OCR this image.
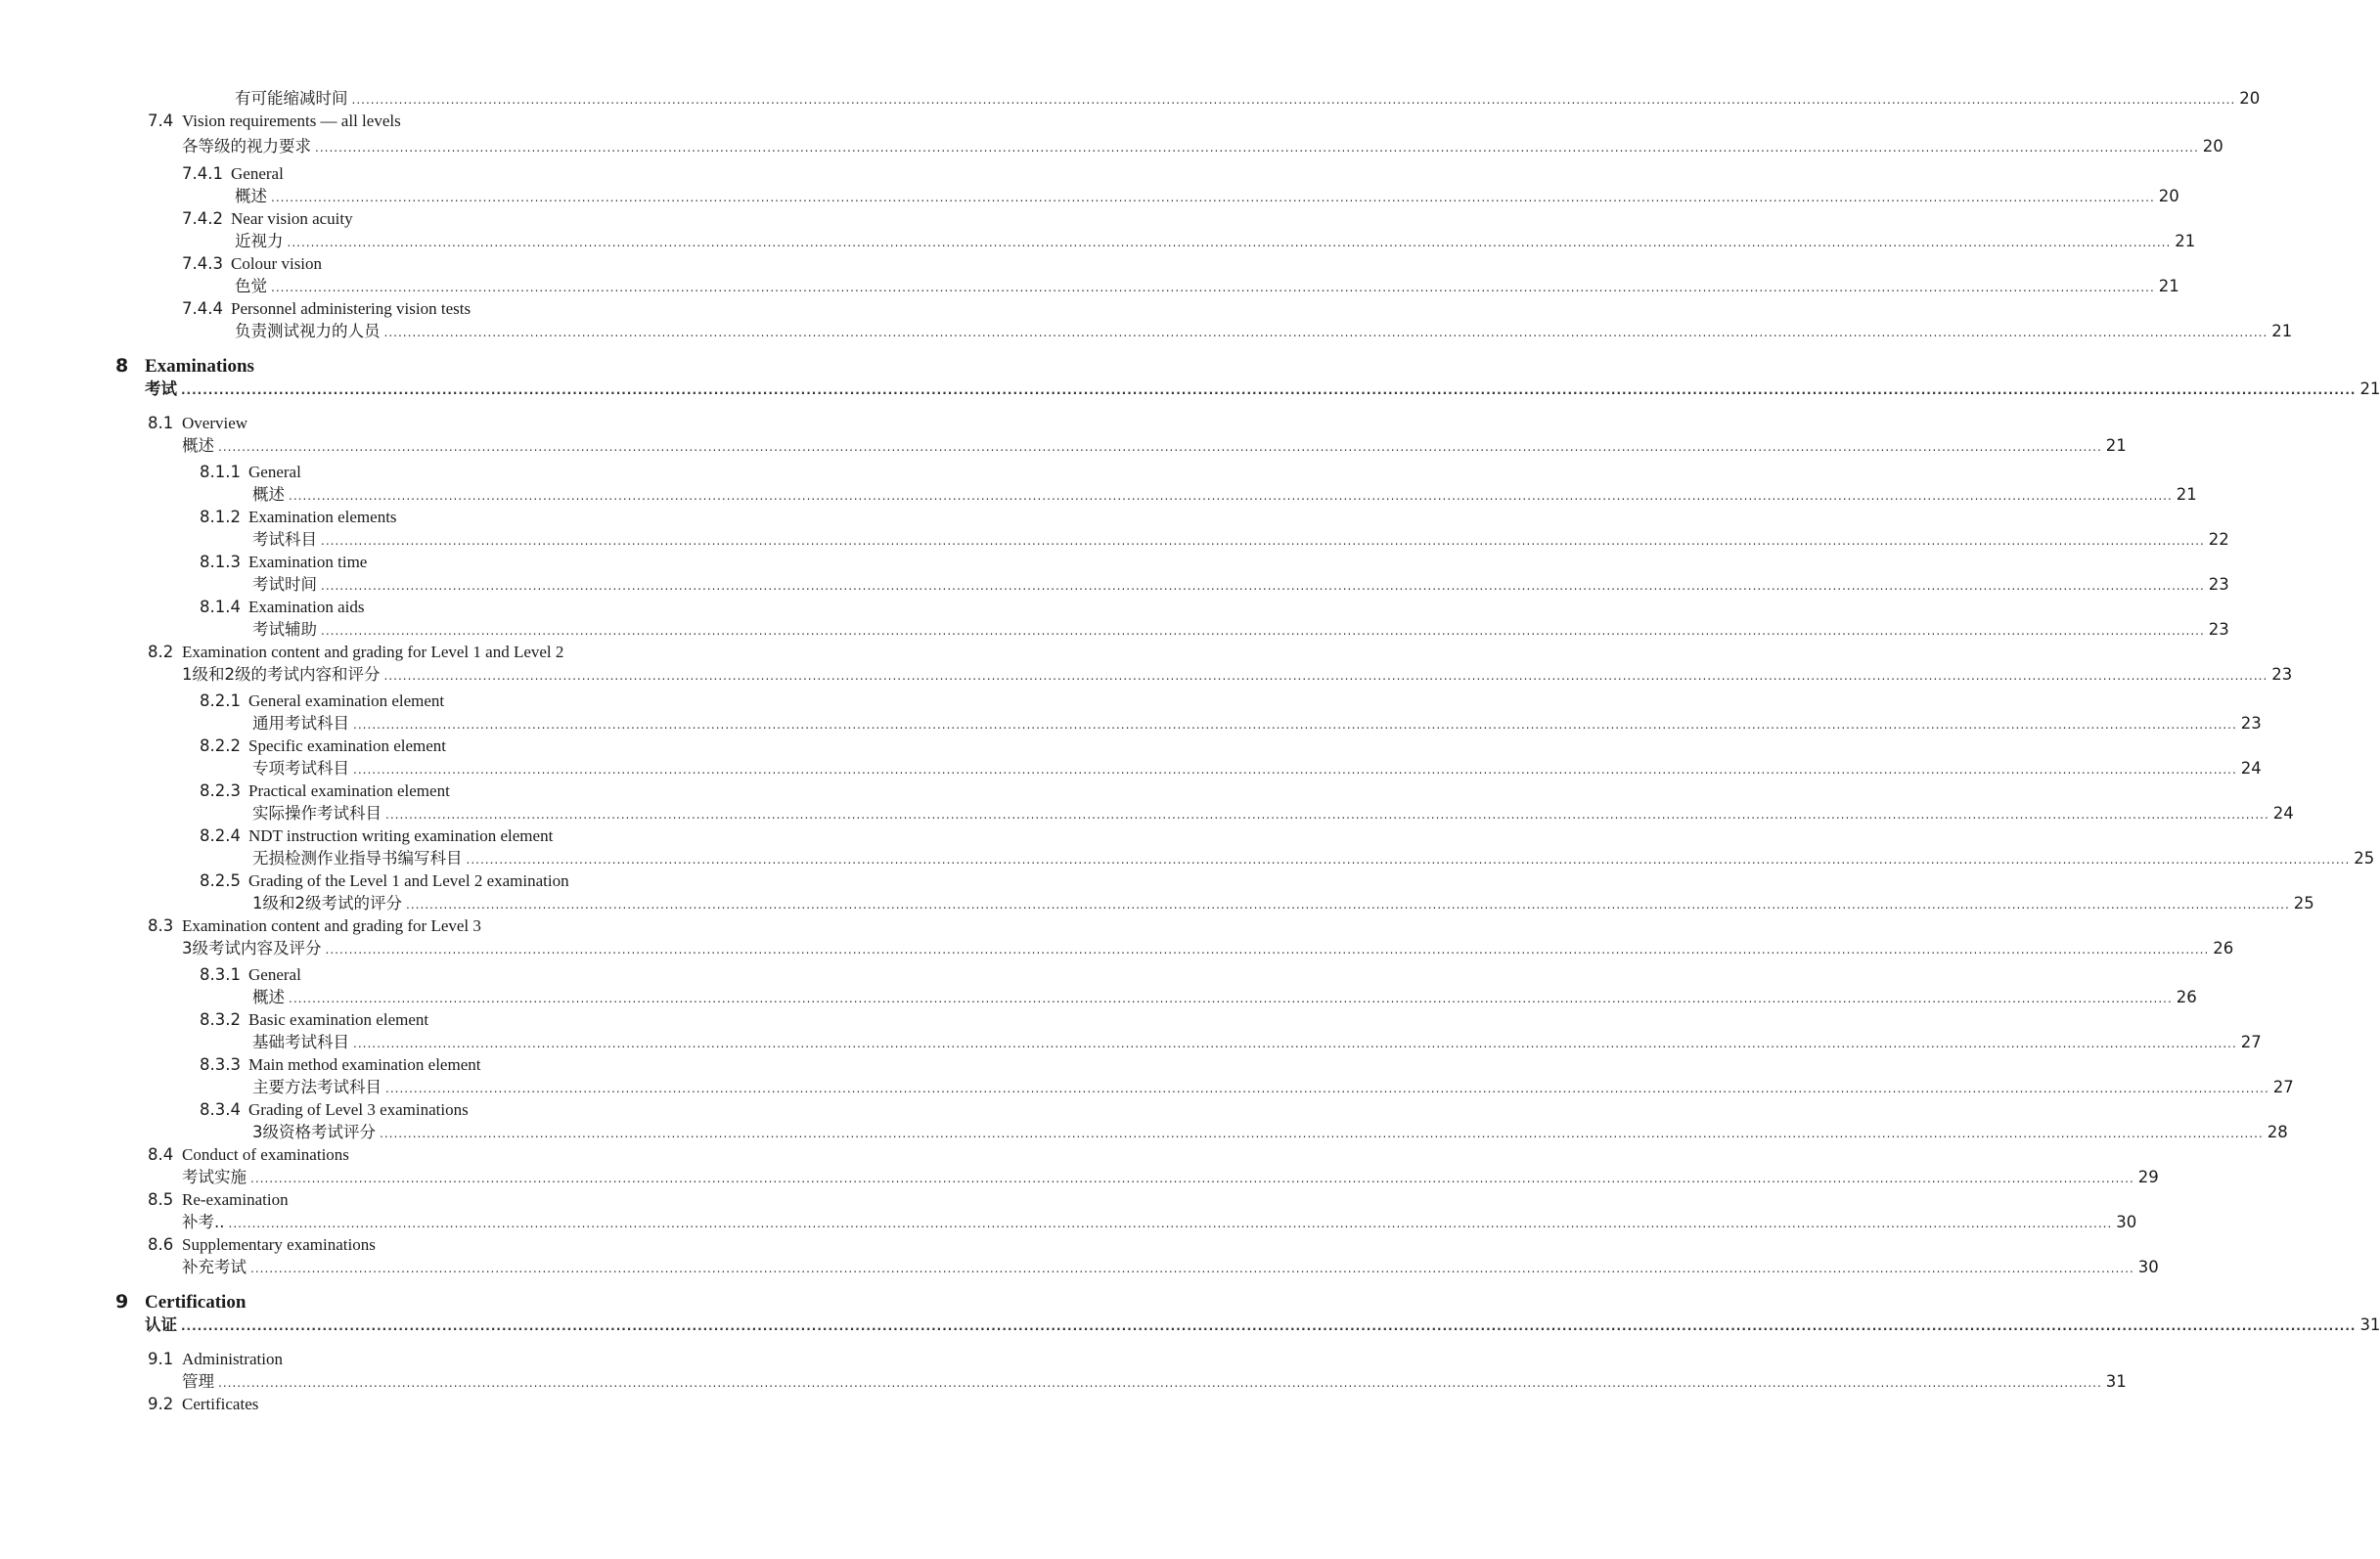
有可能缩减时间 ................................................................................................................................................................................................................................................................................................................................................................................................................ 20
7.4 Vision requirements — all levels
各等级的视力要求 ................................................................................................................................................................................................................................................................................................................................................................................................................ 20
7.4.1 General
概述 ................................................................................................................................................................................................................................................................................................................................................................................................................ 20
7.4.2 Near vision acuity
近视力 ................................................................................................................................................................................................................................................................................................................................................................................................................ 21
7.4.3 Colour vision
色觉 ................................................................................................................................................................................................................................................................................................................................................................................................................ 21
7.4.4 Personnel administering vision tests
负责测试视力的人员 ................................................................................................................................................................................................................................................................................................................................................................................................................ 21
8 Examinations
考试 ................................................................................................................................................................................................................................................................................................................................................................................................................ 21
8.1 Overview
概述 ................................................................................................................................................................................................................................................................................................................................................................................................................ 21
8.1.1 General
概述 ................................................................................................................................................................................................................................................................................................................................................................................................................ 21
8.1.2 Examination elements
考试科目 ................................................................................................................................................................................................................................................................................................................................................................................................................ 22
8.1.3 Examination time
考试时间 ................................................................................................................................................................................................................................................................................................................................................................................................................ 23
8.1.4 Examination aids
考试辅助 ................................................................................................................................................................................................................................................................................................................................................................................................................ 23
8.2 Examination content and grading for Level 1 and Level 2
1级和2级的考试内容和评分 ................................................................................................................................................................................................................................................................................................................................................................................................................ 23
8.2.1 General examination element
通用考试科目 ................................................................................................................................................................................................................................................................................................................................................................................................................ 23
8.2.2 Specific examination element
专项考试科目 ................................................................................................................................................................................................................................................................................................................................................................................................................ 24
8.2.3 Practical examination element
实际操作考试科目 ................................................................................................................................................................................................................................................................................................................................................................................................................ 24
8.2.4 NDT instruction writing examination element
无损检测作业指导书编写科目 ................................................................................................................................................................................................................................................................................................................................................................................................................ 25
8.2.5 Grading of the Level 1 and Level 2 examination
1级和2级考试的评分 ................................................................................................................................................................................................................................................................................................................................................................................................................ 25
8.3 Examination content and grading for Level 3
3级考试内容及评分 ................................................................................................................................................................................................................................................................................................................................................................................................................ 26
8.3.1 General
概述 ................................................................................................................................................................................................................................................................................................................................................................................................................ 26
8.3.2 Basic examination element
基础考试科目 ................................................................................................................................................................................................................................................................................................................................................................................................................ 27
8.3.3 Main method examination element
主要方法考试科目 ................................................................................................................................................................................................................................................................................................................................................................................................................ 27
8.3.4 Grading of Level 3 examinations
3级资格考试评分 ................................................................................................................................................................................................................................................................................................................................................................................................................ 28
8.4 Conduct of examinations
考试实施 ................................................................................................................................................................................................................................................................................................................................................................................................................ 29
8.5 Re-examination
补考.. ................................................................................................................................................................................................................................................................................................................................................................................................................ 30
8.6 Supplementary examinations
补充考试 ................................................................................................................................................................................................................................................................................................................................................................................................................ 30
9 Certification
认证 ................................................................................................................................................................................................................................................................................................................................................................................................................ 31
9.1 Administration
管理 ................................................................................................................................................................................................................................................................................................................................................................................................................ 31
9.2 Certificates
